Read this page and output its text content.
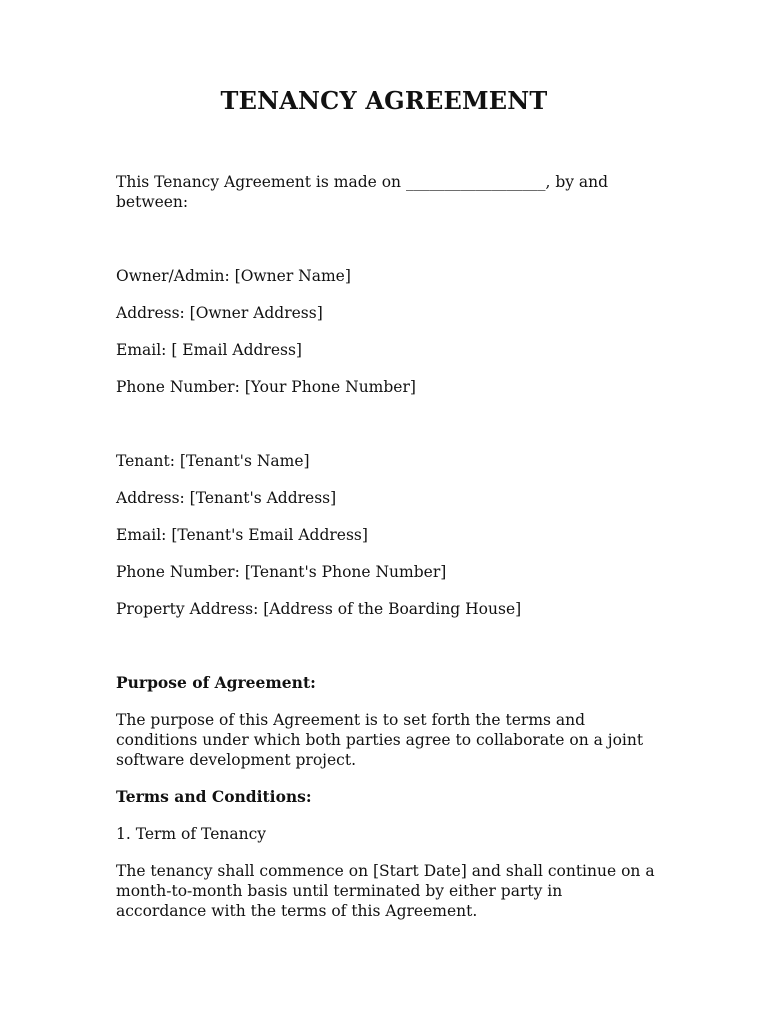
TENANCY AGREEMENT

This Tenancy Agreement is made on __________________, by and between:

Owner/Admin: [Owner Name]

Address: [Owner Address]

Email: [ Email Address]

Phone Number: [Your Phone Number]

Tenant: [Tenant's Name]

Address: [Tenant's Address]

Email: [Tenant's Email Address]

Phone Number: [Tenant's Phone Number]

Property Address: [Address of the Boarding House]

Purpose of Agreement:

The purpose of this Agreement is to set forth the terms and conditions under which both parties agree to collaborate on a joint software development project.

Terms and Conditions:

1. Term of Tenancy

The tenancy shall commence on [Start Date] and shall continue on a month-to-month basis until terminated by either party in accordance with the terms of this Agreement.
